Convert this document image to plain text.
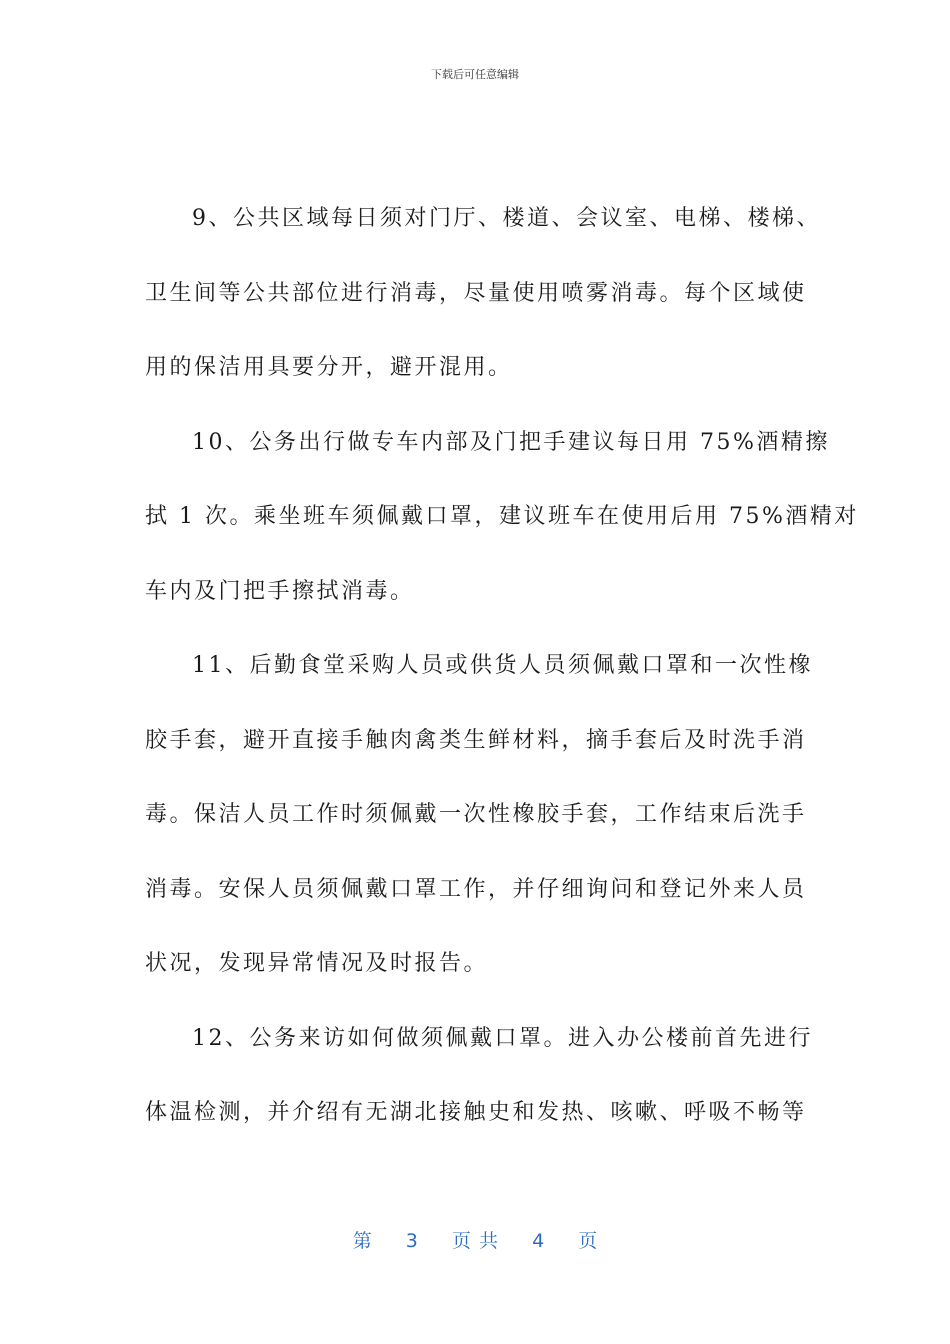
下载后可任意编辑
9、公共区域每日须对门厅、楼道、会议室、电梯、楼梯、
卫生间等公共部位进行消毒，尽量使用喷雾消毒。每个区域使
用的保洁用具要分开，避开混用。
10、公务出行做专车内部及门把手建议每日用 75%酒精擦
拭 1 次。乘坐班车须佩戴口罩，建议班车在使用后用 75%酒精对
车内及门把手擦拭消毒。
11、后勤食堂采购人员或供货人员须佩戴口罩和一次性橡
胶手套，避开直接手触肉禽类生鲜材料，摘手套后及时洗手消
毒。保洁人员工作时须佩戴一次性橡胶手套，工作结束后洗手
消毒。安保人员须佩戴口罩工作，并仔细询问和登记外来人员
状况，发现异常情况及时报告。
12、公务来访如何做须佩戴口罩。进入办公楼前首先进行
体温检测，并介绍有无湖北接触史和发热、咳嗽、呼吸不畅等
第 3 页共 4 页
